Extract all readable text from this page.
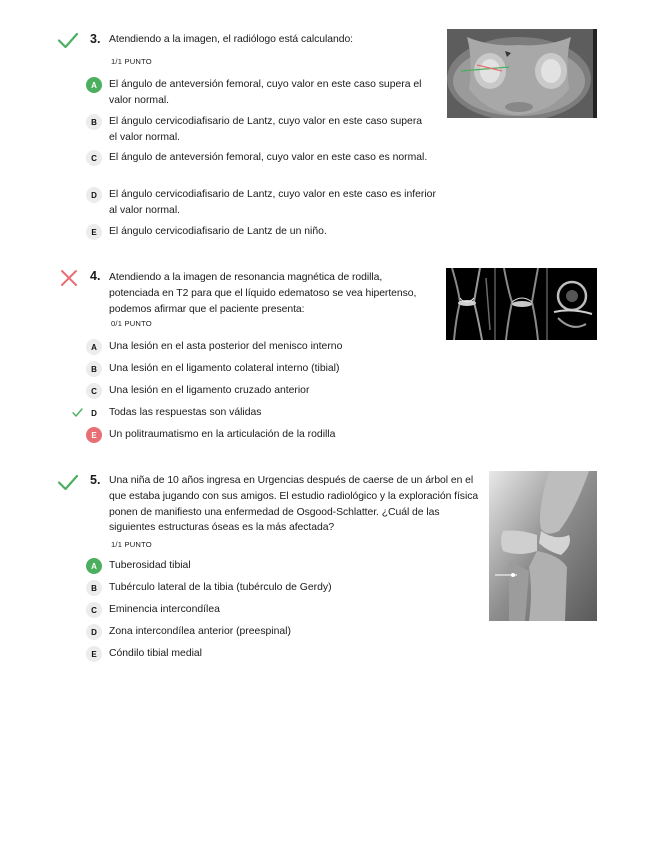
3. Atendiendo a la imagen, el radiólogo está calculando:
1/1 PUNTO
A	El ángulo de anteversión femoral, cuyo valor en este caso supera el valor normal.
B	El ángulo cervicodiafisario de Lantz, cuyo valor en este caso supera el valor normal.
C	El ángulo de anteversión femoral, cuyo valor en este caso es normal.
D	El ángulo cervicodiafisario de Lantz, cuyo valor en este caso es inferior al valor normal.
E	El ángulo cervicodiafisario de Lantz de un niño.
4. Atendiendo a la imagen de resonancia magnética de rodilla, potenciada en T2 para que el líquido edematoso se vea hipertenso, podemos afirmar que el paciente presenta:
0/1 PUNTO
A	Una lesión en el asta posterior del menisco interno
B	Una lesión en el ligamento colateral interno (tibial)
C	Una lesión en el ligamento cruzado anterior
D	Todas las respuestas son válidas
E	Un politraumatismo en la articulación de la rodilla
5. Una niña de 10 años ingresa en Urgencias después de caerse de un árbol en el que estaba jugando con sus amigos. El estudio radiológico y la exploración física ponen de manifiesto una enfermedad de Osgood-Schlatter. ¿Cuál de las siguientes estructuras óseas es la más afectada?
1/1 PUNTO
A	Tuberosidad tibial
B	Tubérculo lateral de la tibia (tubérculo de Gerdy)
C	Eminencia intercondílea
D	Zona intercondílea anterior (preespinal)
E	Cóndilo tibial medial
